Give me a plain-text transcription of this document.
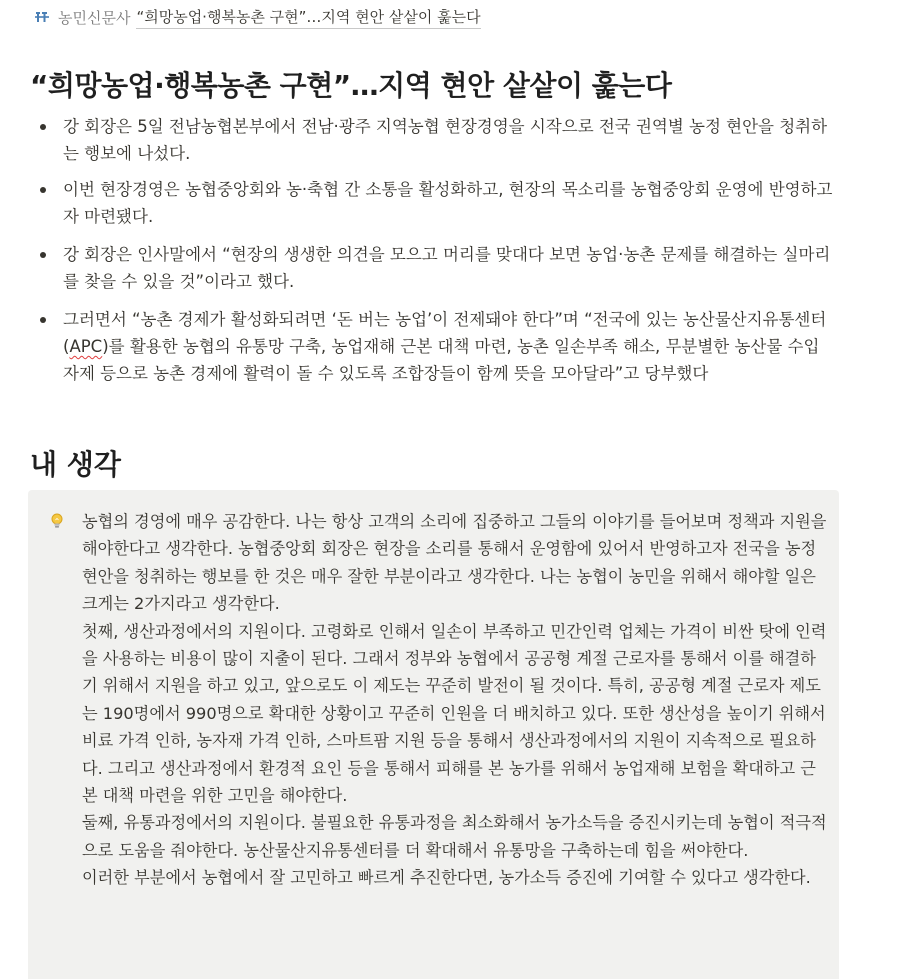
농민신문사 “희망농업·행복농촌 구현”…지역 현안 샅샅이 훑는다
“희망농업·행복농촌 구현”…지역 현안 샅샅이 훑는다
강 회장은 5일 전남농협본부에서 전남·광주 지역농협 현장경영을 시작으로 전국 권역별 농정 현안을 청취하는 행보에 나섰다.
이번 현장경영은 농협중앙회와 농·축협 간 소통을 활성화하고, 현장의 목소리를 농협중앙회 운영에 반영하고자 마련됐다.
강 회장은 인사말에서 “현장의 생생한 의견을 모으고 머리를 맞대다 보면 농업·농촌 문제를 해결하는 실마리를 찾을 수 있을 것”이라고 했다.
그러면서 “농촌 경제가 활성화되려면 ‘돈 버는 농업’이 전제돼야 한다”며 “전국에 있는 농산물산지유통센터(APC)를 활용한 농협의 유통망 구축, 농업재해 근본 대책 마련, 농촌 일손부족 해소, 무분별한 농산물 수입 자제 등으로 농촌 경제에 활력이 돌 수 있도록 조합장들이 함께 뜻을 모아달라”고 당부했다
내 생각

농협의 경영에 매우 공감한다. 나는 항상 고객의 소리에 집중하고 그들의 이야기를 들어보며 정책과 지원을 해야한다고 생각한다. 농협중앙회 회장은 현장을 소리를 통해서 운영함에 있어서 반영하고자 전국을 농정 현안을 청취하는 행보를 한 것은 매우 잘한 부분이라고 생각한다. 나는 농협이 농민을 위해서 해야할 일은 크게는 2가지라고 생각한다.

첫째, 생산과정에서의 지원이다. 고령화로 인해서 일손이 부족하고 민간인력 업체는 가격이 비싼 탓에 인력을 사용하는 비용이 많이 지출이 된다. 그래서 정부와 농협에서 공공형 계절 근로자를 통해서 이를 해결하기 위해서 지원을 하고 있고, 앞으로도 이 제도는 꾸준히 발전이 될 것이다. 특히, 공공형 계절 근로자 제도는 190명에서 990명으로 확대한 상황이고 꾸준히 인원을 더 배치하고 있다. 또한 생산성을 높이기 위해서 비료 가격 인하, 농자재 가격 인하, 스마트팜 지원 등을 통해서 생산과정에서의 지원이 지속적으로 필요하다. 그리고 생산과정에서 환경적 요인 등을 통해서 피해를 본 농가를 위해서 농업재해 보험을 확대하고 근본 대책 마련을 위한 고민을 해야한다.

둘째, 유통과정에서의 지원이다. 불필요한 유통과정을 최소화해서 농가소득을 증진시키는데 농협이 적극적으로 도움을 줘야한다. 농산물산지유통센터를 더 확대해서 유통망을 구축하는데 힘을 써야한다.

이러한 부분에서 농협에서 잘 고민하고 빠르게 추진한다면, 농가소득 증진에 기여할 수 있다고 생각한다.
